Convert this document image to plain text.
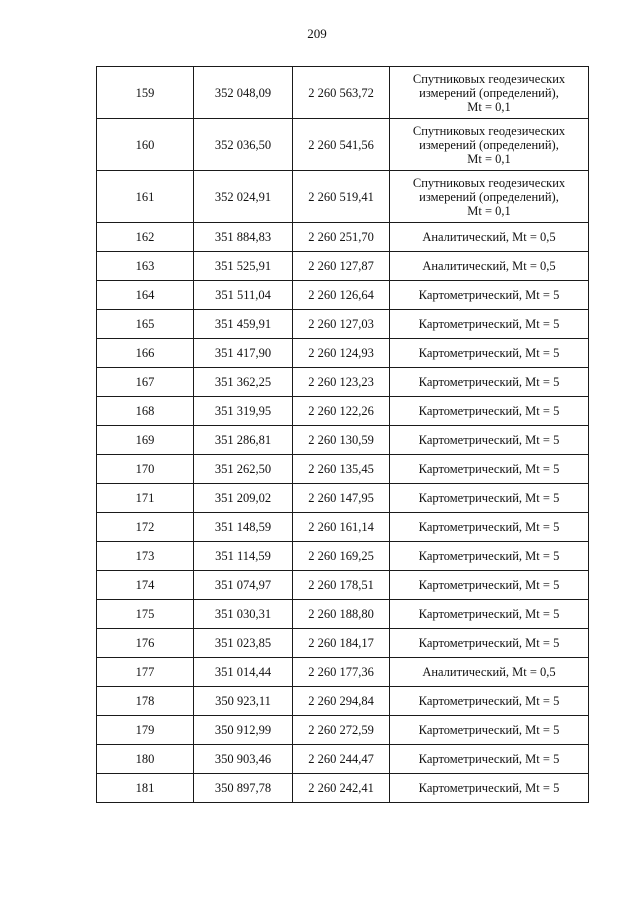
209
159	352 048,09	2 260 563,72	Спутниковых геодезических
измерений (определений),
Mt = 0,1

160	352 036,50	2 260 541,56	Спутниковых геодезических
измерений (определений),
Mt = 0,1

161	352 024,91	2 260 519,41	Спутниковых геодезических
измерений (определений),
Mt = 0,1

162	351 884,83	2 260 251,70	Аналитический, Mt = 0,5

163	351 525,91	2 260 127,87	Аналитический, Mt = 0,5

164	351 511,04	2 260 126,64	Картометрический, Mt = 5

165	351 459,91	2 260 127,03	Картометрический, Mt = 5

166	351 417,90	2 260 124,93	Картометрический, Mt = 5

167	351 362,25	2 260 123,23	Картометрический, Mt = 5

168	351 319,95	2 260 122,26	Картометрический, Mt = 5

169	351 286,81	2 260 130,59	Картометрический, Mt = 5

170	351 262,50	2 260 135,45	Картометрический, Mt = 5

171	351 209,02	2 260 147,95	Картометрический, Mt = 5

172	351 148,59	2 260 161,14	Картометрический, Mt = 5

173	351 114,59	2 260 169,25	Картометрический, Mt = 5

174	351 074,97	2 260 178,51	Картометрический, Mt = 5

175	351 030,31	2 260 188,80	Картометрический, Mt = 5

176	351 023,85	2 260 184,17	Картометрический, Mt = 5

177	351 014,44	2 260 177,36	Аналитический, Mt = 0,5

178	350 923,11	2 260 294,84	Картометрический, Mt = 5

179	350 912,99	2 260 272,59	Картометрический, Mt = 5

180	350 903,46	2 260 244,47	Картометрический, Mt = 5

181	350 897,78	2 260 242,41	Картометрический, Mt = 5
